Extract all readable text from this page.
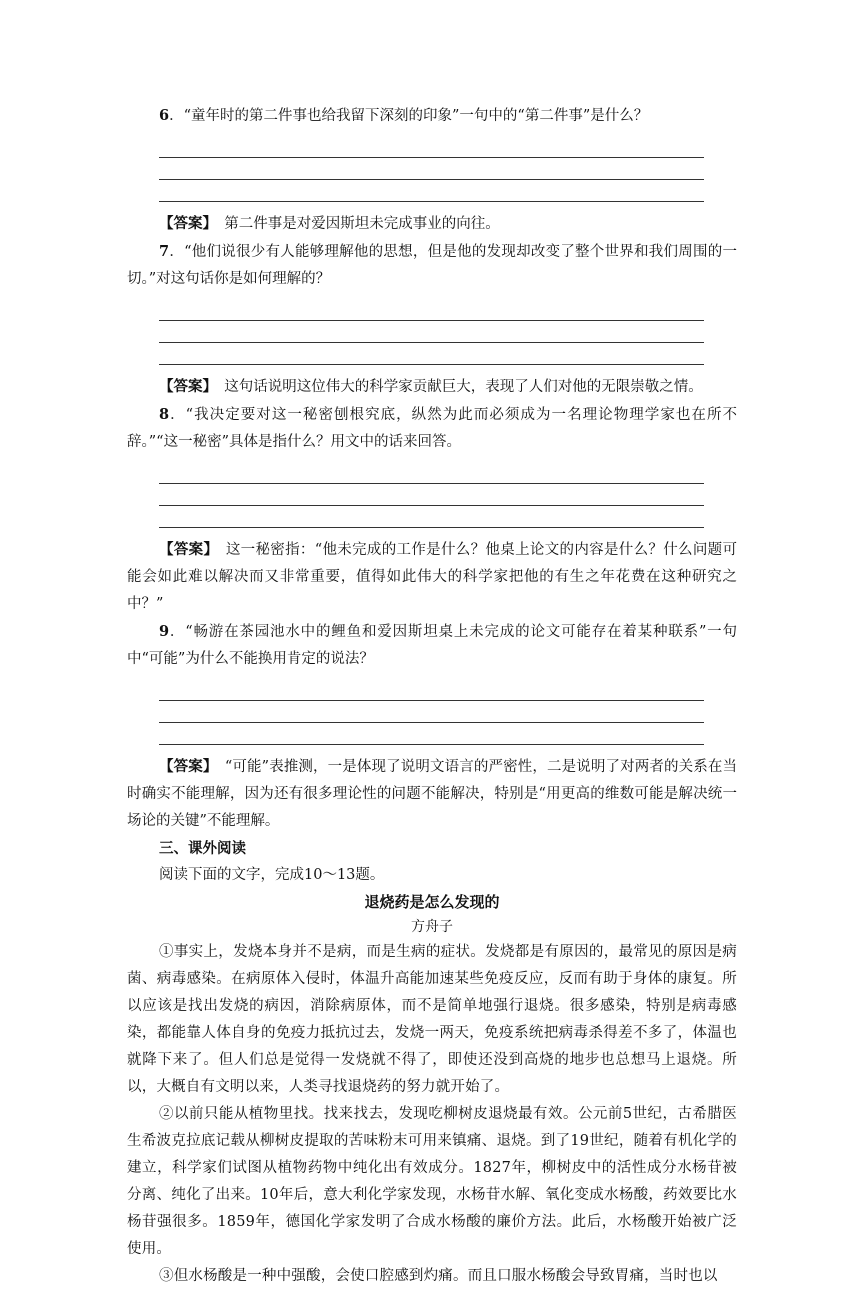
6．“童年时的第二件事也给我留下深刻的印象”一句中的“第二件事”是什么？

【答案】　第二件事是对爱因斯坦未完成事业的向往。

7．“他们说很少有人能够理解他的思想，但是他的发现却改变了整个世界和我们周围的一切。”对这句话你是如何理解的？

【答案】　这句话说明这位伟大的科学家贡献巨大，表现了人们对他的无限崇敬之情。

8．“我决定要对这一秘密刨根究底，纵然为此而必须成为一名理论物理学家也在所不辞。”“这一秘密”具体是指什么？用文中的话来回答。

【答案】　这一秘密指：“他未完成的工作是什么？他桌上论文的内容是什么？什么问题可能会如此难以解决而又非常重要，值得如此伟大的科学家把他的有生之年花费在这种研究之中？”

9．“畅游在茶园池水中的鲤鱼和爱因斯坦桌上未完成的论文可能存在着某种联系”一句中“可能”为什么不能换用肯定的说法？

【答案】　“可能”表推测，一是体现了说明文语言的严密性，二是说明了对两者的关系在当时确实不能理解，因为还有很多理论性的问题不能解决，特别是“用更高的维数可能是解决统一场论的关键”不能理解。

三、课外阅读

阅读下面的文字，完成10～13题。

退烧药是怎么发现的

方舟子

①事实上，发烧本身并不是病，而是生病的症状。发烧都是有原因的，最常见的原因是病菌、病毒感染。在病原体入侵时，体温升高能加速某些免疫反应，反而有助于身体的康复。所以应该是找出发烧的病因，消除病原体，而不是简单地强行退烧。很多感染，特别是病毒感染，都能靠人体自身的免疫力抵抗过去，发烧一两天，免疫系统把病毒杀得差不多了，体温也就降下来了。但人们总是觉得一发烧就不得了，即使还没到高烧的地步也总想马上退烧。所以，大概自有文明以来，人类寻找退烧药的努力就开始了。

②以前只能从植物里找。找来找去，发现吃柳树皮退烧最有效。公元前5世纪，古希腊医生希波克拉底记载从柳树皮提取的苦味粉末可用来镇痛、退烧。到了19世纪，随着有机化学的建立，科学家们试图从植物药物中纯化出有效成分。1827年，柳树皮中的活性成分水杨苷被分离、纯化了出来。10年后，意大利化学家发现，水杨苷水解、氧化变成水杨酸，药效要比水杨苷强很多。1859年，德国化学家发明了合成水杨酸的廉价方法。此后，水杨酸开始被广泛使用。

③但水杨酸是一种中强酸，会使口腔感到灼痛。而且口服水杨酸会导致胃痛，当时也以
